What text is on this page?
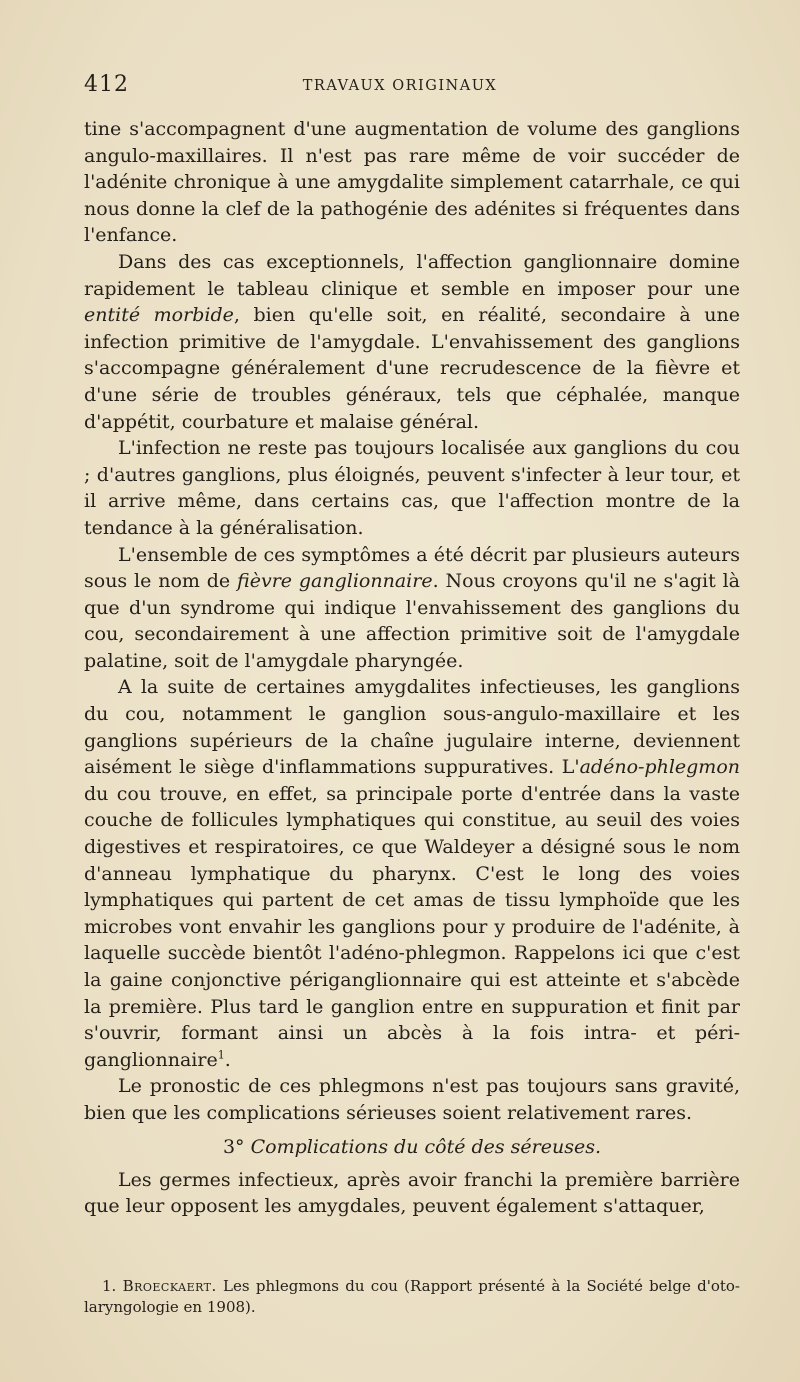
412	TRAVAUX ORIGINAUX

tine s'accompagnent d'une augmentation de volume des ganglions angulo-maxillaires. Il n'est pas rare même de voir succéder de l'adénite chronique à une amygdalite simplement catarrhale, ce qui nous donne la clef de la pathogénie des adénites si fréquentes dans l'enfance.

Dans des cas exceptionnels, l'affection ganglionnaire domine rapidement le tableau clinique et semble en imposer pour une entité morbide, bien qu'elle soit, en réalité, secondaire à une infection primitive de l'amygdale. L'envahissement des ganglions s'accompagne généralement d'une recrudescence de la fièvre et d'une série de troubles généraux, tels que céphalée, manque d'appétit, courbature et malaise général.

L'infection ne reste pas toujours localisée aux ganglions du cou ; d'autres ganglions, plus éloignés, peuvent s'infecter à leur tour, et il arrive même, dans certains cas, que l'affection montre de la tendance à la généralisation.

L'ensemble de ces symptômes a été décrit par plusieurs auteurs sous le nom de fièvre ganglionnaire. Nous croyons qu'il ne s'agit là que d'un syndrome qui indique l'envahissement des ganglions du cou, secondairement à une affection primitive soit de l'amygdale palatine, soit de l'amygdale pharyngée.

A la suite de certaines amygdalites infectieuses, les ganglions du cou, notamment le ganglion sous-angulo-maxillaire et les ganglions supérieurs de la chaîne jugulaire interne, deviennent aisément le siège d'inflammations suppuratives. L'adéno-phlegmon du cou trouve, en effet, sa principale porte d'entrée dans la vaste couche de follicules lymphatiques qui constitue, au seuil des voies digestives et respiratoires, ce que Waldeyer a désigné sous le nom d'anneau lymphatique du pharynx. C'est le long des voies lymphatiques qui partent de cet amas de tissu lymphoïde que les microbes vont envahir les ganglions pour y produire de l'adénite, à laquelle succède bientôt l'adéno-phlegmon. Rappelons ici que c'est la gaine conjonctive périganglionnaire qui est atteinte et s'abcède la première. Plus tard le ganglion entre en suppuration et finit par s'ouvrir, formant ainsi un abcès à la fois intra- et péri-ganglionnaire$^1$.

Le pronostic de ces phlegmons n'est pas toujours sans gravité, bien que les complications sérieuses soient relativement rares.

3° Complications du côté des séreuses.

Les germes infectieux, après avoir franchi la première barrière que leur opposent les amygdales, peuvent également s'attaquer,

1. Broeckaert. Les phlegmons du cou (Rapport présenté à la Société belge d'oto-laryngologie en 1908).
